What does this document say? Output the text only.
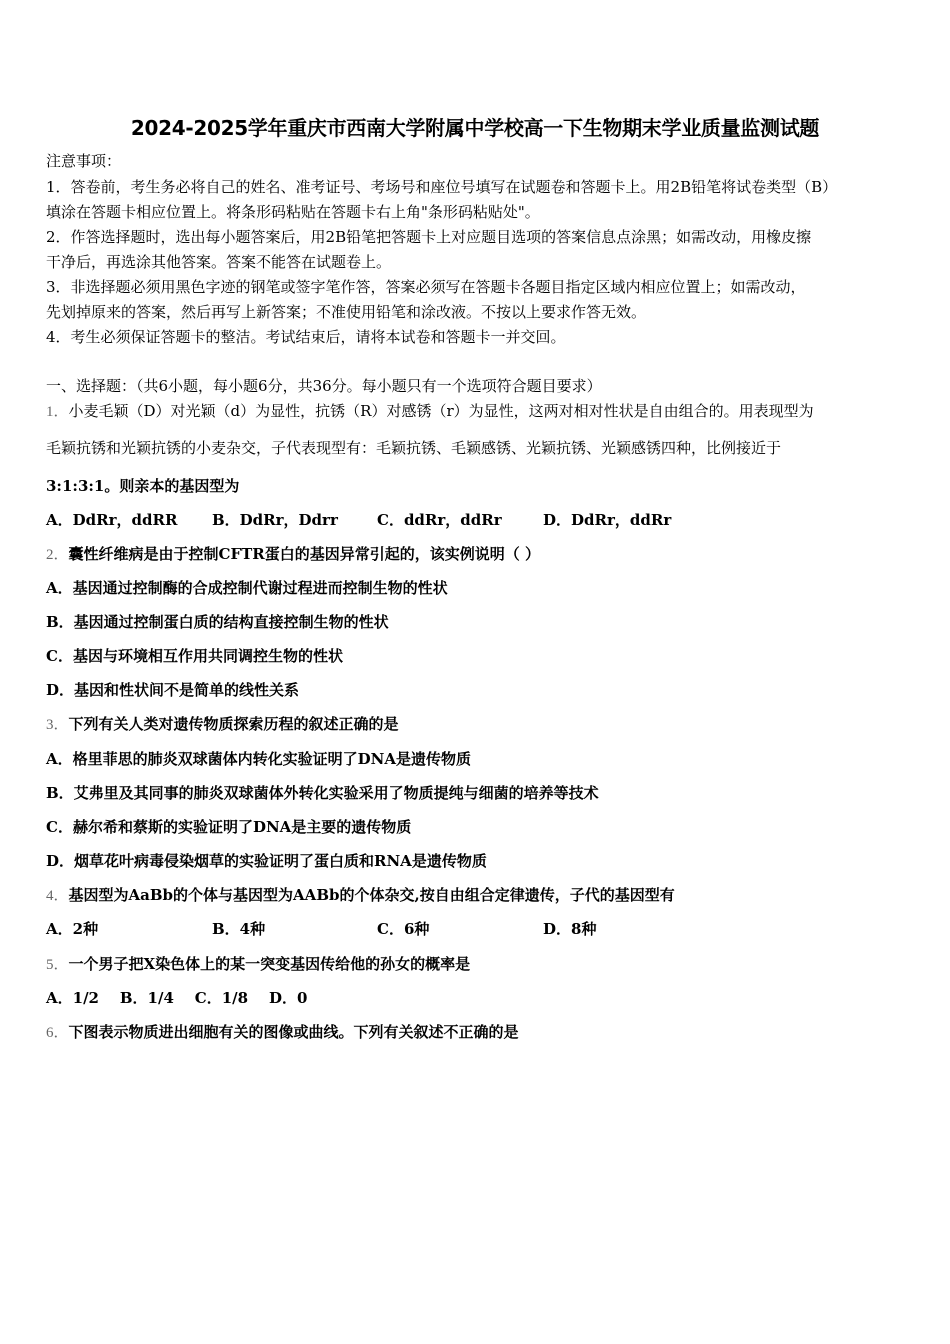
2024-2025学年重庆市西南大学附属中学校高一下生物期末学业质量监测试题
注意事项：
1．答卷前，考生务必将自己的姓名、准考证号、考场号和座位号填写在试题卷和答题卡上。用2B铅笔将试卷类型（B）
填涂在答题卡相应位置上。将条形码粘贴在答题卡右上角"条形码粘贴处"。
2．作答选择题时，选出每小题答案后，用2B铅笔把答题卡上对应题目选项的答案信息点涂黑；如需改动，用橡皮擦
干净后，再选涂其他答案。答案不能答在试题卷上。
3．非选择题必须用黑色字迹的钢笔或签字笔作答，答案必须写在答题卡各题目指定区域内相应位置上；如需改动，
先划掉原来的答案，然后再写上新答案；不准使用铅笔和涂改液。不按以上要求作答无效。
4．考生必须保证答题卡的整洁。考试结束后，请将本试卷和答题卡一并交回。
一、选择题：（共6小题，每小题6分，共36分。每小题只有一个选项符合题目要求）
1．小麦毛颖（D）对光颖（d）为显性，抗锈（R）对感锈（r）为显性，这两对相对性状是自由组合的。用表现型为
毛颖抗锈和光颖抗锈的小麦杂交，子代表现型有：毛颖抗锈、毛颖感锈、光颖抗锈、光颖感锈四种，比例接近于
3:1:3:1。则亲本的基因型为
A．DdRr，ddRR B．DdRr，Ddrr	C．ddRr，ddRr	D．DdRr，ddRr
2．囊性纤维病是由于控制CFTR蛋白的基因异常引起的，该实例说明（ ）
A．基因通过控制酶的合成控制代谢过程进而控制生物的性状
B．基因通过控制蛋白质的结构直接控制生物的性状
C．基因与环境相互作用共同调控生物的性状
D．基因和性状间不是简单的线性关系
3．下列有关人类对遗传物质探索历程的叙述正确的是
A．格里菲思的肺炎双球菌体内转化实验证明了DNA是遗传物质
B．艾弗里及其同事的肺炎双球菌体外转化实验采用了物质提纯与细菌的培养等技术
C．赫尔希和蔡斯的实验证明了DNA是主要的遗传物质
D．烟草花叶病毒侵染烟草的实验证明了蛋白质和RNA是遗传物质
4．基因型为AaBb的个体与基因型为AABb的个体杂交,按自由组合定律遗传，子代的基因型有
A．2种	B．4种	C．6种	D．8种
5．一个男子把X染色体上的某一突变基因传给他的孙女的概率是
A．1/2    B．1/4    C．1/8    D．0
6．下图表示物质进出细胞有关的图像或曲线。下列有关叙述不正确的是
